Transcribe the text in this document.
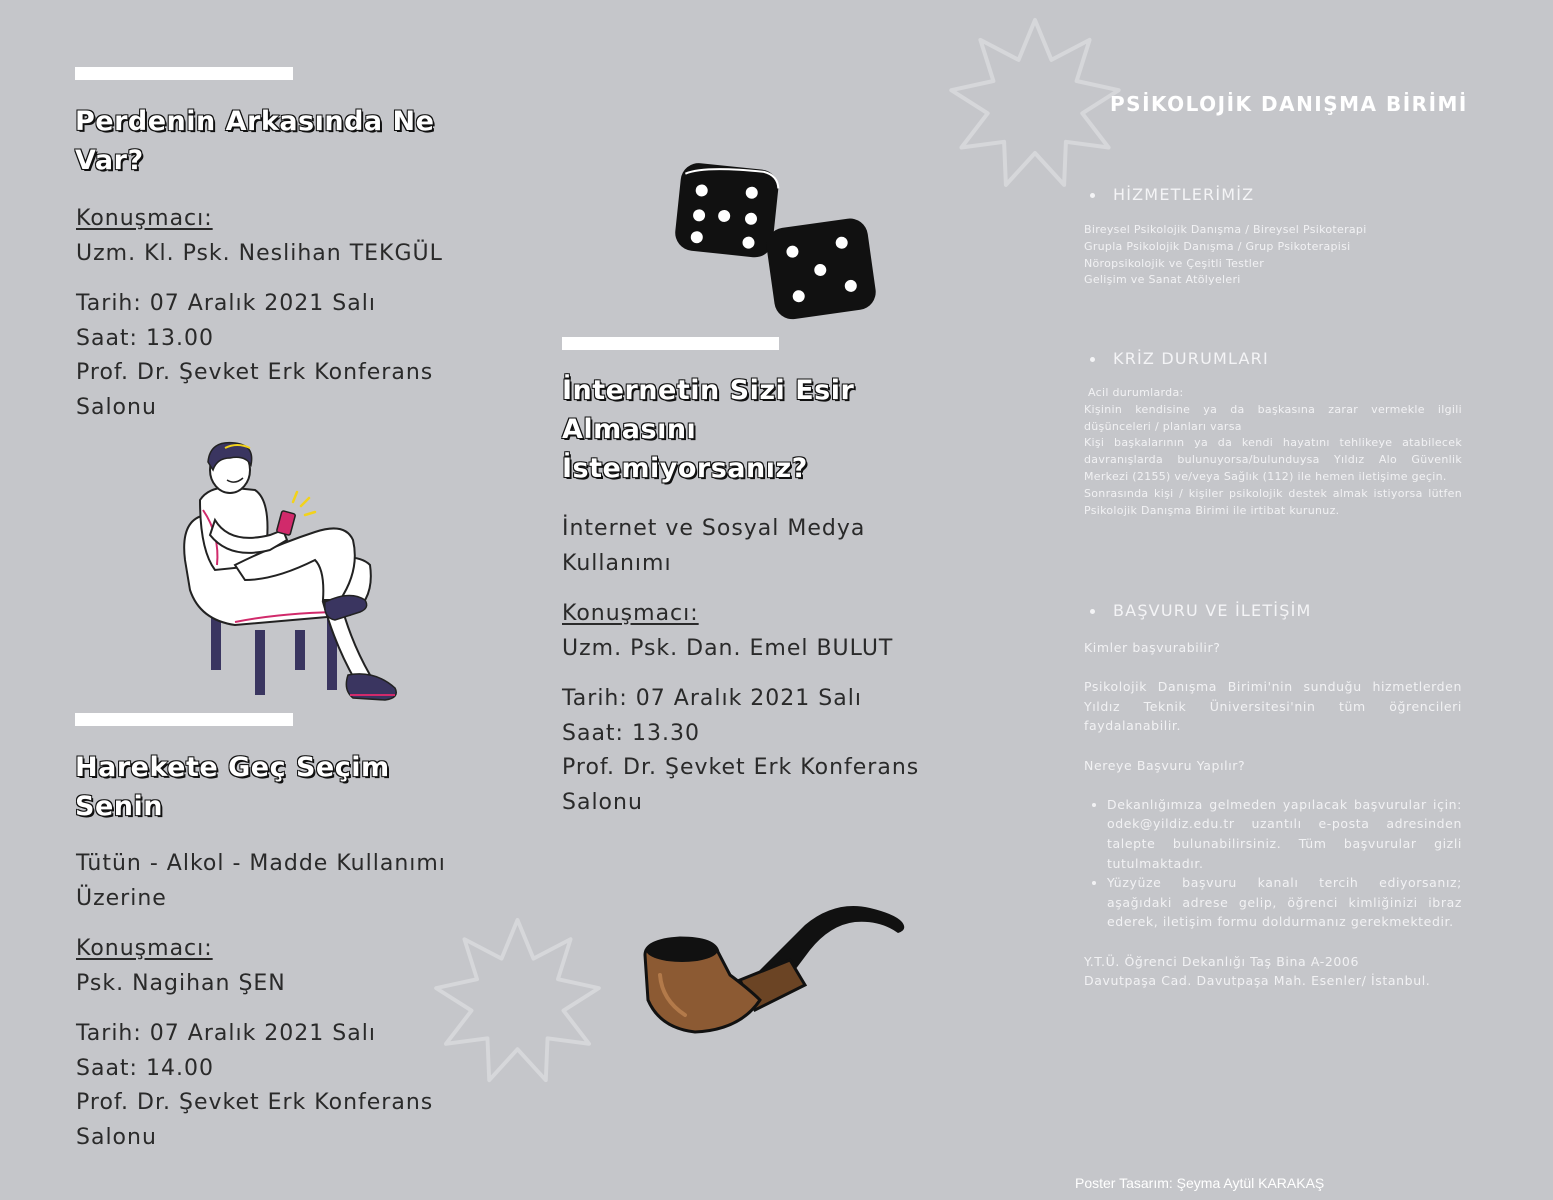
Perdenin Arkasında Ne
Var?
Konuşmacı:
Uzm. Kl. Psk. Neslihan TEKGÜL
Tarih: 07 Aralık 2021 Salı
Saat: 13.00
Prof. Dr. Şevket Erk Konferans
Salonu
Harekete Geç Seçim
Senin
Tütün - Alkol - Madde Kullanımı
Üzerine
Konuşmacı:
Psk. Nagihan ŞEN
Tarih: 07 Aralık 2021 Salı
Saat: 14.00
Prof. Dr. Şevket Erk Konferans
Salonu
İnternetin Sizi Esir
Almasını
İstemiyorsanız?
İnternet ve Sosyal Medya
Kullanımı
Konuşmacı:
Uzm. Psk. Dan. Emel BULUT
Tarih: 07 Aralık 2021 Salı
Saat: 13.30
Prof. Dr. Şevket Erk Konferans
Salonu
PSİKOLOJİK DANIŞMA BİRİMİ
HİZMETLERİMİZ
Bireysel Psikolojik Danışma / Bireysel Psikoterapi
Grupla Psikolojik Danışma / Grup Psikoterapisi
Nöropsikolojik ve Çeşitli Testler
Gelişim ve Sanat Atölyeleri
KRİZ DURUMLARI
Acil durumlarda:
Kişinin kendisine ya da başkasına zarar vermekle ilgili düşünceleri / planları varsa
Kişi başkalarının ya da kendi hayatını tehlikeye atabilecek davranışlarda bulunuyorsa/bulunduysa Yıldız Alo Güvenlik Merkezi (2155) ve/veya Sağlık (112) ile hemen iletişime geçin.
Sonrasında kişi / kişiler psikolojik destek almak istiyorsa lütfen Psikolojik Danışma Birimi ile irtibat kurunuz.
BAŞVURU VE İLETİŞİM
Kimler başvurabilir?
Psikolojik Danışma Birimi'nin sunduğu hizmetlerden Yıldız Teknik Üniversitesi'nin tüm öğrencileri faydalanabilir.
Nereye Başvuru Yapılır?
• Dekanlığımıza gelmeden yapılacak başvurular için: odek@yildiz.edu.tr uzantılı e-posta adresinden talepte bulunabilirsiniz. Tüm başvurular gizli tutulmaktadır.
• Yüzyüze başvuru kanalı tercih ediyorsanız; aşağıdaki adrese gelip, öğrenci kimliğinizi ibraz ederek, iletişim formu doldurmanız gerekmektedir.
Y.T.Ü. Öğrenci Dekanlığı Taş Bina A-2006
Davutpaşa Cad. Davutpaşa Mah. Esenler/ İstanbul.
Poster Tasarım: Şeyma Aytül KARAKAŞ
